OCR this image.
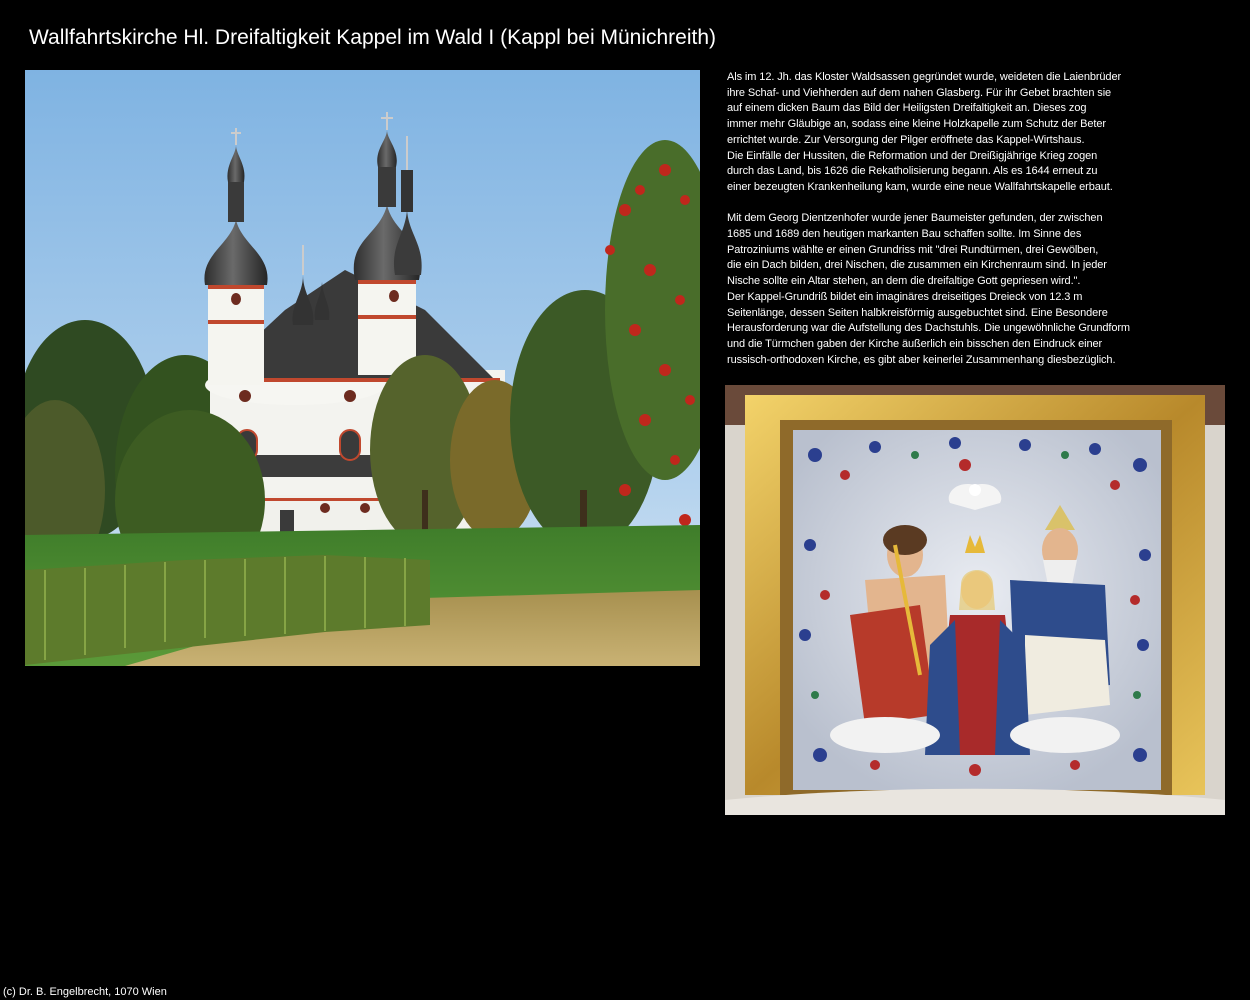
Wallfahrtskirche Hl. Dreifaltigkeit Kappel im Wald I (Kappl bei Münichreith)

Als im 12. Jh. das Kloster Waldsassen gegründet wurde, weideten die Laienbrüder
ihre Schaf- und Viehherden auf dem nahen Glasberg. Für ihr Gebet brachten sie
auf einem dicken Baum das Bild der Heiligsten Dreifaltigkeit an. Dieses zog
immer mehr Gläubige an, sodass eine kleine Holzkapelle zum Schutz der Beter
errichtet wurde. Zur Versorgung der Pilger eröffnete das Kappel-Wirtshaus.
Die Einfälle der Hussiten, die Reformation und der Dreißigjährige Krieg zogen
durch das Land, bis 1626 die Rekatholisierung begann. Als es 1644 erneut zu
einer bezeugten Krankenheilung kam, wurde eine neue Wallfahrtskapelle erbaut.

Mit dem Georg Dientzenhofer wurde jener Baumeister gefunden, der zwischen
1685 und 1689 den heutigen markanten Bau schaffen sollte. Im Sinne des
Patroziniums wählte er einen Grundriss mit "drei Rundtürmen, drei Gewölben,
die ein Dach bilden, drei Nischen, die zusammen ein Kirchenraum sind. In jeder
Nische sollte ein Altar stehen, an dem die dreifaltige Gott gepriesen wird.".
Der Kappel-Grundriß bildet ein imaginäres dreiseitiges Dreieck von 12.3 m
Seitenlänge, dessen Seiten halbkreisförmig ausgebuchtet sind. Eine Besondere
Herausforderung war die Aufstellung des Dachstuhls. Die ungewöhnliche Grundform
und die Türmchen gaben der Kirche äußerlich ein bisschen den Eindruck einer
russisch-orthodoxen Kirche, es gibt aber keinerlei Zusammenhang diesbezüglich.

(c) Dr. B. Engelbrecht, 1070 Wien
